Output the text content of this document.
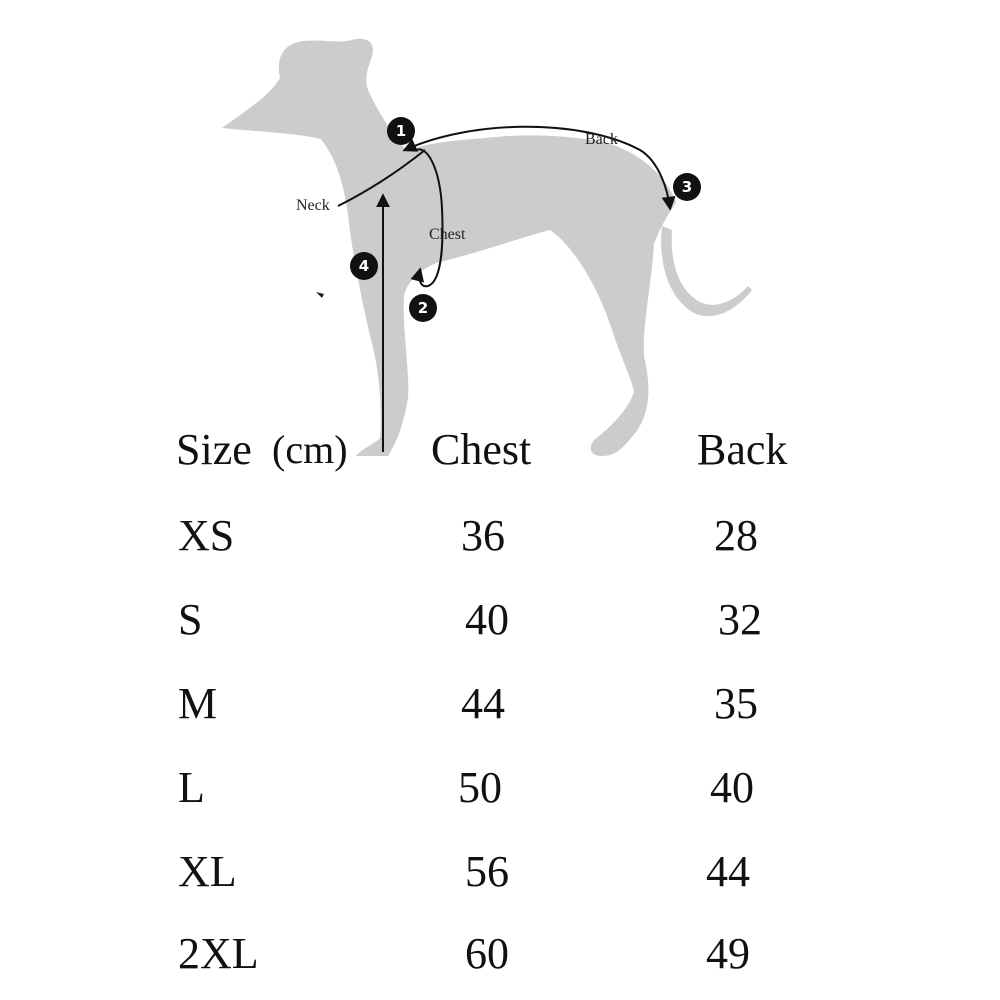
Neck
Chest
Back
1
2
3
4
Size (cm)	Chest	Back
XS	36	28
S	40	32
M	44	35
L	50	40
XL	56	44
2XL	60	49
